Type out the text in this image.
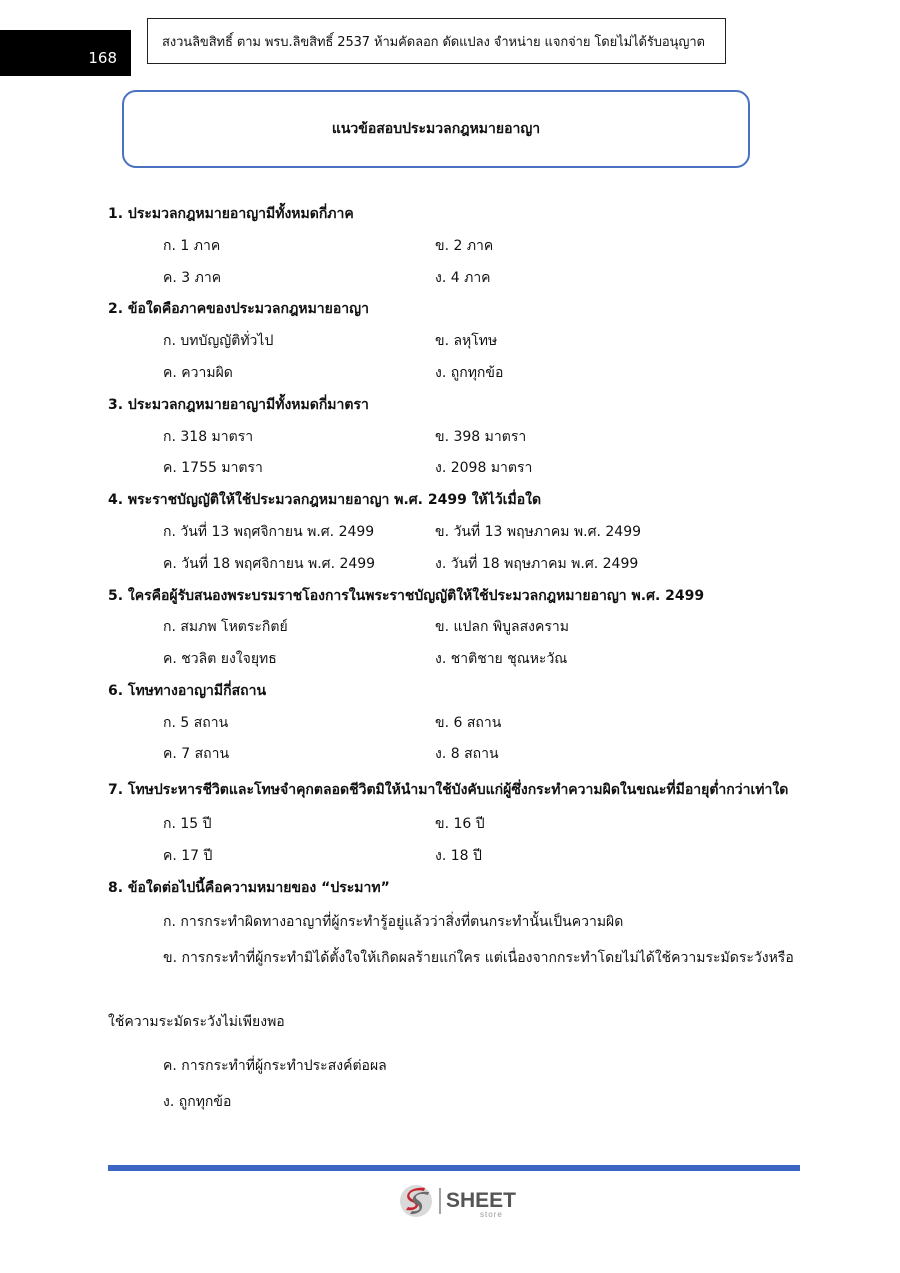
168
สงวนลิขสิทธิ์ ตาม พรบ.ลิขสิทธิ์ 2537 ห้ามคัดลอก ดัดแปลง จำหน่าย แจกจ่าย โดยไม่ได้รับอนุญาต
แนวข้อสอบประมวลกฎหมายอาญา
1. ประมวลกฎหมายอาญามีทั้งหมดกี่ภาค
ก. 1 ภาค	ข. 2 ภาค
ค. 3 ภาค	ง. 4 ภาค
2. ข้อใดคือภาคของประมวลกฎหมายอาญา
ก. บทบัญญัติทั่วไป	ข. ลหุโทษ
ค. ความผิด	ง. ถูกทุกข้อ
3. ประมวลกฎหมายอาญามีทั้งหมดกี่มาตรา
ก. 318 มาตรา	ข. 398 มาตรา
ค. 1755 มาตรา	ง. 2098 มาตรา
4. พระราชบัญญัติให้ใช้ประมวลกฎหมายอาญา พ.ศ. 2499 ให้ไว้เมื่อใด
ก. วันที่ 13 พฤศจิกายน พ.ศ. 2499	ข. วันที่ 13 พฤษภาคม พ.ศ. 2499
ค. วันที่ 18 พฤศจิกายน พ.ศ. 2499	ง. วันที่ 18 พฤษภาคม พ.ศ. 2499
5. ใครคือผู้รับสนองพระบรมราชโองการในพระราชบัญญัติให้ใช้ประมวลกฎหมายอาญา พ.ศ. 2499
ก. สมภพ โหตระกิตย์	ข. แปลก พิบูลสงคราม
ค. ชวลิต ยงใจยุทธ	ง. ชาติชาย ชุณหะวัณ
6. โทษทางอาญามีกี่สถาน
ก. 5 สถาน	ข. 6 สถาน
ค. 7 สถาน	ง. 8 สถาน
7. โทษประหารชีวิตและโทษจำคุกตลอดชีวิตมิให้นำมาใช้บังคับแก่ผู้ซึ่งกระทำความผิดในขณะที่มีอายุต่ำกว่าเท่าใด
ก. 15 ปี	ข. 16 ปี
ค. 17 ปี	ง. 18 ปี
8. ข้อใดต่อไปนี้คือความหมายของ “ประมาท”
ก. การกระทำผิดทางอาญาที่ผู้กระทำรู้อยู่แล้วว่าสิ่งที่ตนกระทำนั้นเป็นความผิด
ข. การกระทำที่ผู้กระทำมิได้ตั้งใจให้เกิดผลร้ายแก่ใคร แต่เนื่องจากกระทำโดยไม่ได้ใช้ความระมัดระวังหรือใช้ความระมัดระวังไม่เพียงพอ
ค. การกระทำที่ผู้กระทำประสงค์ต่อผล
ง. ถูกทุกข้อ
SHEET
store
